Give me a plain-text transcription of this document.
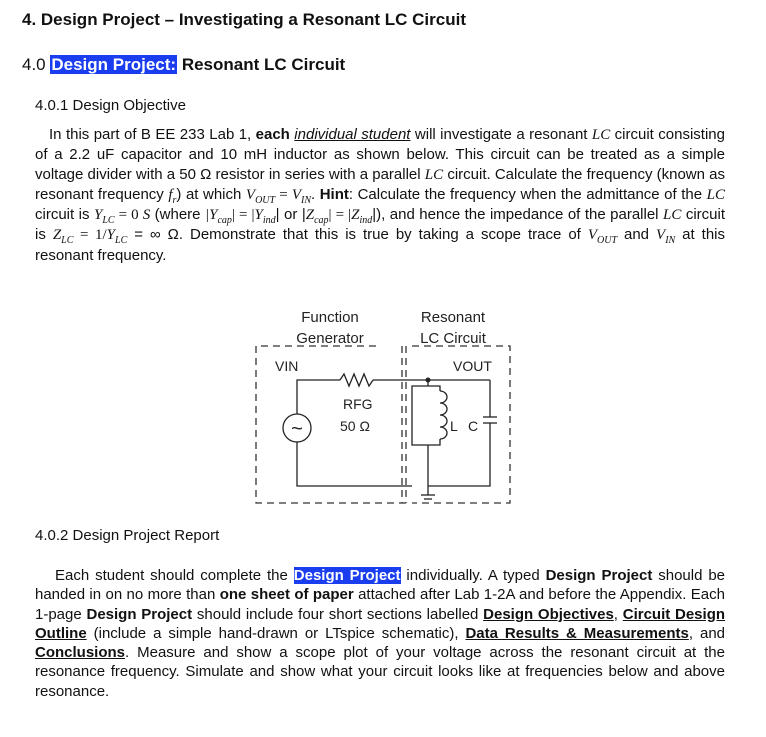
4. Design Project – Investigating a Resonant LC Circuit
4.0 Design Project: Resonant LC Circuit
4.0.1 Design Objective
In this part of B EE 233 Lab 1, each individual student will investigate a resonant LC circuit consisting of a 2.2 uF capacitor and 10 mH inductor as shown below. This circuit can be treated as a simple voltage divider with a 50 Ω resistor in series with a parallel LC circuit. Calculate the frequency (known as resonant frequency $f_r$) at which $V_{OUT} = V_{IN}$. Hint: Calculate the frequency when the admittance of the LC circuit is $Y_{LC} = 0$ S (where $|Y_{cap}| = |Y_{ind}|$ or $|Z_{cap}| = |Z_{ind}|$), and hence the impedance of the parallel LC circuit is $Z_{LC} = 1/Y_{LC}$ = ∞ Ω. Demonstrate that this is true by taking a scope trace of $V_{OUT}$ and $V_{IN}$ at this resonant frequency.
Function
Generator
Resonant
LC Circuit
VIN	VOUT
RFG
50 Ω	L C
~
4.0.2 Design Project Report
Each student should complete the Design Project individually. A typed Design Project should be handed in on no more than one sheet of paper attached after Lab 1-2A and before the Appendix. Each 1-page Design Project should include four short sections labelled Design Objectives, Circuit Design Outline (include a simple hand-drawn or LTspice schematic), Data Results & Measurements, and Conclusions. Measure and show a scope plot of your voltage across the resonant circuit at the resonance frequency. Simulate and show what your circuit looks like at frequencies below and above resonance.
